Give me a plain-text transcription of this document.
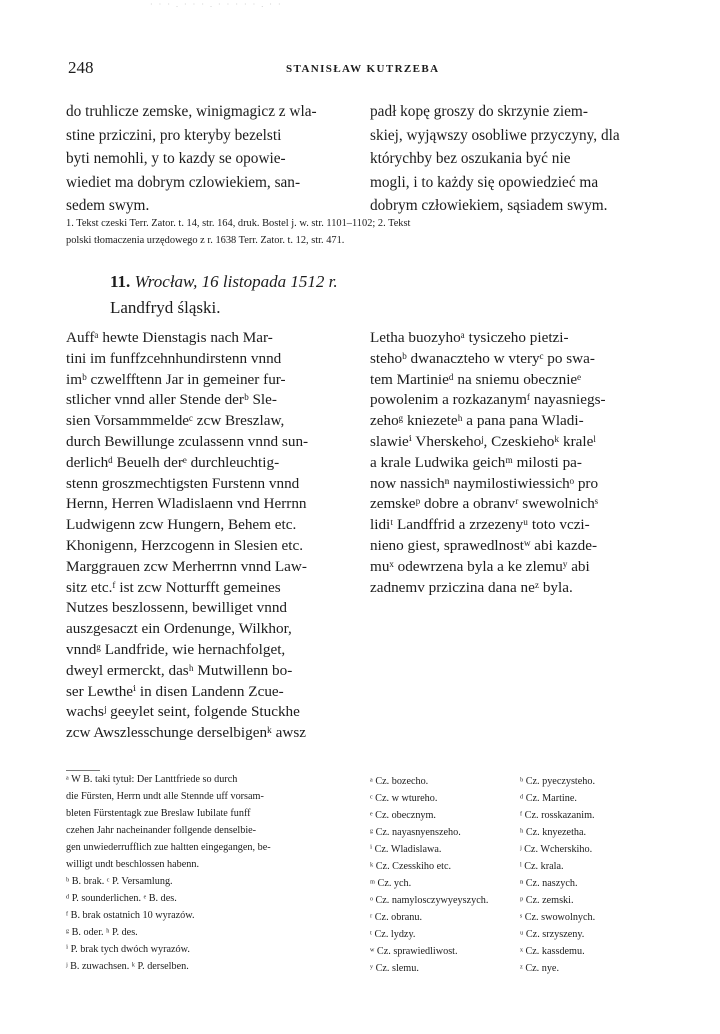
· · · . · · · . · · · · · . · ·
248	STANISŁAW KUTRZEBA
do truhlicze zemske, winigmagicz z wla-
stine prziczini, pro kteryby bezelsti
byti nemohli, y to kazdy se opowie-
wiediet ma dobrym czlowiekiem, san-
sedem swym.
padł kopę groszy do skrzynie ziem-
skiej, wyjąwszy osobliwe przyczyny, dla
którychby bez oszukania być nie
mogli, i to każdy się opowiedzieć ma
dobrym człowiekiem, sąsiadem swym.
1. Tekst czeski Terr. Zator. t. 14, str. 164, druk. Bostel j. w. str. 1101–1102; 2. Tekst
polski tłomaczenia urzędowego z r. 1638 Terr. Zator. t. 12, str. 471.
11. Wrocław, 16 listopada 1512 r.
Landfryd śląski.
Auffᵃ hewte Dienstagis nach Mar-
tini im funffzcehnhundirstenn vnnd
imᵇ czwelfftenn Jar in gemeiner fur-
stlicher vnnd aller Stende derᵇ Sle-
sien Vorsammmeldeᶜ zcw Breszlaw,
durch Bewillunge zculassenn vnnd sun-
derlichᵈ Beuelh derᵉ durchleuchtig-
stenn groszmechtigsten Furstenn vnnd
Hernn, Herren Wladislaenn vnd Herrnn
Ludwigenn zcw Hungern, Behem etc.
Khonigenn, Herzcogenn in Slesien etc.
Marggrauen zcw Merherrnn vnnd Law-
sitz etc.ᶠ ist zcw Notturfft gemeines
Nutzes beszlossenn, bewilliget vnnd
auszgesaczt ein Ordenunge, Wilkhor,
vnndᵍ Landfride, wie hernachfolget,
dweyl ermerckt, dasʰ Mutwillenn bo-
ser Lewtheⁱ in disen Landenn Zcue-
wachsʲ geeylet seint, folgende Stuckhe
zcw Awszlesschunge derselbigenᵏ awsz
Letha buozyhoᵃ tysiczeho pietzi-
stehoᵇ dwanaczteho w vteryᶜ po swa-
tem Martinieᵈ na sniemu obecznieᵉ
powolenim a rozkazanymᶠ nayasniegs-
zehoᵍ kniezeteʰ a pana pana Wladi-
slawieⁱ Vherskehoʲ, Czeskiehoᵏ kraleˡ
a krale Ludwika geichᵐ milosti pa-
now nassichⁿ naymilostiwiessichᵒ pro
zemskeᵖ dobre a obranvʳ swewolnichˢ
lidiᵗ Landffrid a zrzezenyᵘ toto vczi-
nieno giest, sprawedlnostʷ abi kazde-
muˣ odewrzena byla a ke zlemuʸ abi
zadnemv prziczina dana neᶻ byla.
ᵃ W B. taki tytuł: Der Lanttfriede so durch
die Fürsten, Herrn undt alle Stennde uff vorsam-
bleten Fürstentagk zue Breslaw Iubilate funff
czehen Jahr nacheinander follgende denselbie-
gen unwiederrufflich zue haltten eingegangen, be-
willigt undt beschlossen habenn.
ᵇ B. brak. ᶜ P. Versamlung.
ᵈ P. sounderlichen. ᵉ B. des.
ᶠ B. brak ostatnich 10 wyrazów.
ᵍ B. oder. ʰ P. des.
ⁱ P. brak tych dwóch wyrazów.
ʲ B. zuwachsen. ᵏ P. derselben.
ᵃ Cz. bozecho.	ᵇ Cz. pyeczysteho.
ᶜ Cz. w wtureho.	ᵈ Cz. Martine.
ᵉ Cz. obecznym.	ᶠ Cz. rosskazanim.
ᵍ Cz. nayasnyenszeho.	ʰ Cz. knyezetha.
ⁱ Cz. Wladislawa.	ʲ Cz. Wcherskiho.
ᵏ Cz. Czesskiho etc.	ˡ Cz. krala.
ᵐ Cz. ych.	ⁿ Cz. naszych.
ᵒ Cz. namylosczywyeyszych.	ᵖ Cz. zemski.
ʳ Cz. obranu.	ˢ Cz. swowolnych.
ᵗ Cz. lydzy.	ᵘ Cz. srzyszeny.
ʷ Cz. sprawiedliwost.	ˣ Cz. kassdemu.
ʸ Cz. slemu.	ᶻ Cz. nye.
